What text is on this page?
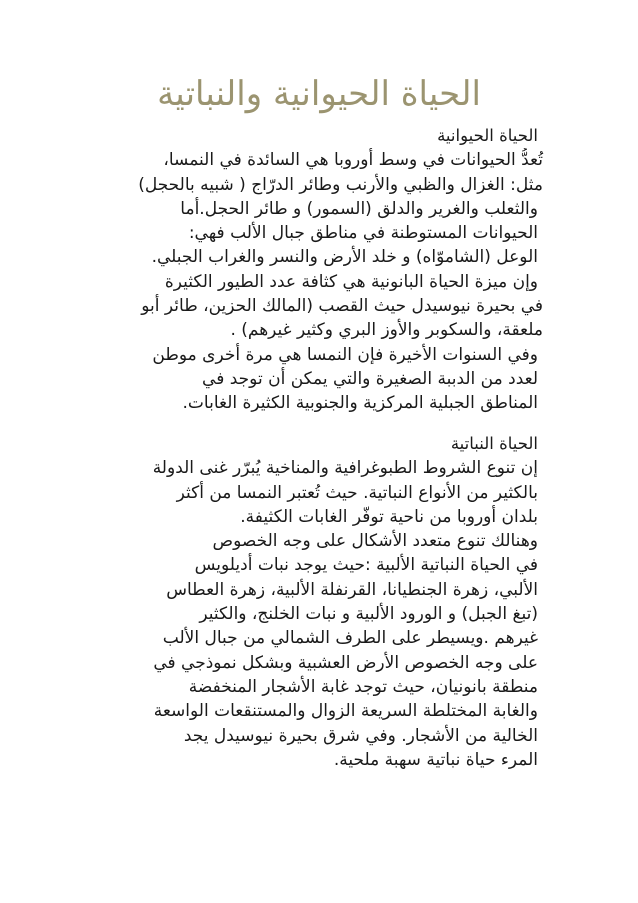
الحياة الحيوانية والنباتية
الحياة الحيوانية
تُعدُّ الحيوانات في وسط أوروبا هي السائدة في النمسا،
مثل: الغزال والظبي والأرنب وطائر الدرّاج ( شبيه بالحجل)
والثعلب والغرير والدلق (السمور) و طائر الحجل.أما
الحيوانات المستوطنة في مناطق جبال الألب فهي:
الوعل (الشاموّاه) و خلد الأرض والنسر والغراب الجبلي.
وإن ميزة الحياة البانونية هي كثافة عدد الطيور الكثيرة
في بحيرة نيوسيدل حيث القصب (المالك الحزين، طائر أبو
ملعقة، والسكوبر والأوز البري وكثير غيرهم) .
وفي السنوات الأخيرة فإن النمسا هي مرة أخرى موطن
لعدد من الدببة الصغيرة والتي يمكن أن توجد في
المناطق الجبلية المركزية والجنوبية الكثيرة الغابات.
الحياة النباتية
إن تنوع الشروط الطبوغرافية والمناخية يُبرّر غنى الدولة
بالكثير من الأنواع النباتية. حيث تُعتبر النمسا من أكثر
بلدان أوروبا من ناحية توفّر الغابات الكثيفة.
وهنالك تنوع متعدد الأشكال على وجه الخصوص
في الحياة النباتية الألبية :حيث يوجد نبات أديلويس
الألبي، زهرة الجنطيانا، القرنفلة الألبية، زهرة العطاس
(تبغ الجبل) و الورود الألبية و نبات الخلنج، والكثير
غيرهم .ويسيطر على الطرف الشمالي من جبال الألب
على وجه الخصوص الأرض العشبية وبشكل نموذجي في
منطقة بانونيان، حيث توجد غابة الأشجار المنخفضة
والغابة المختلطة السريعة الزوال والمستنقعات الواسعة
الخالية من الأشجار. وفي شرق بحيرة نيوسيدل يجد
المرء حياة نباتية سهبة ملحية.
